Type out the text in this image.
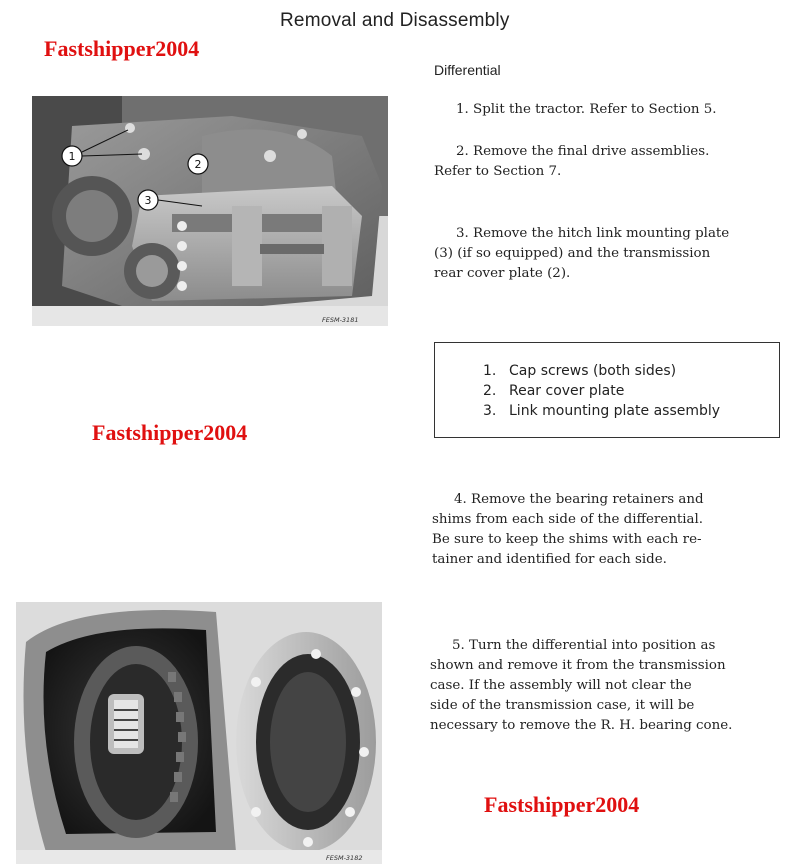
Removal and Disassembly
Fastshipper2004
Fastshipper2004
Fastshipper2004
Differential

1. Split the tractor. Refer to Section 5.

2. Remove the final drive assemblies.

Refer to Section 7.

3. Remove the hitch link mounting plate

(3) (if so equipped) and the transmission

rear cover plate (2).

1. Cap screws (both sides)
2. Rear cover plate
3. Link mounting plate assembly

4. Remove the bearing retainers and

shims from each side of the differential.

Be sure to keep the shims with each re-

tainer and identified for each side.

5. Turn the differential into position as

shown and remove it from the transmission

case. If the assembly will not clear the

side of the transmission case, it will be

necessary to remove the R. H. bearing cone.

1
2
3
FESM-3181
FESM-3182
